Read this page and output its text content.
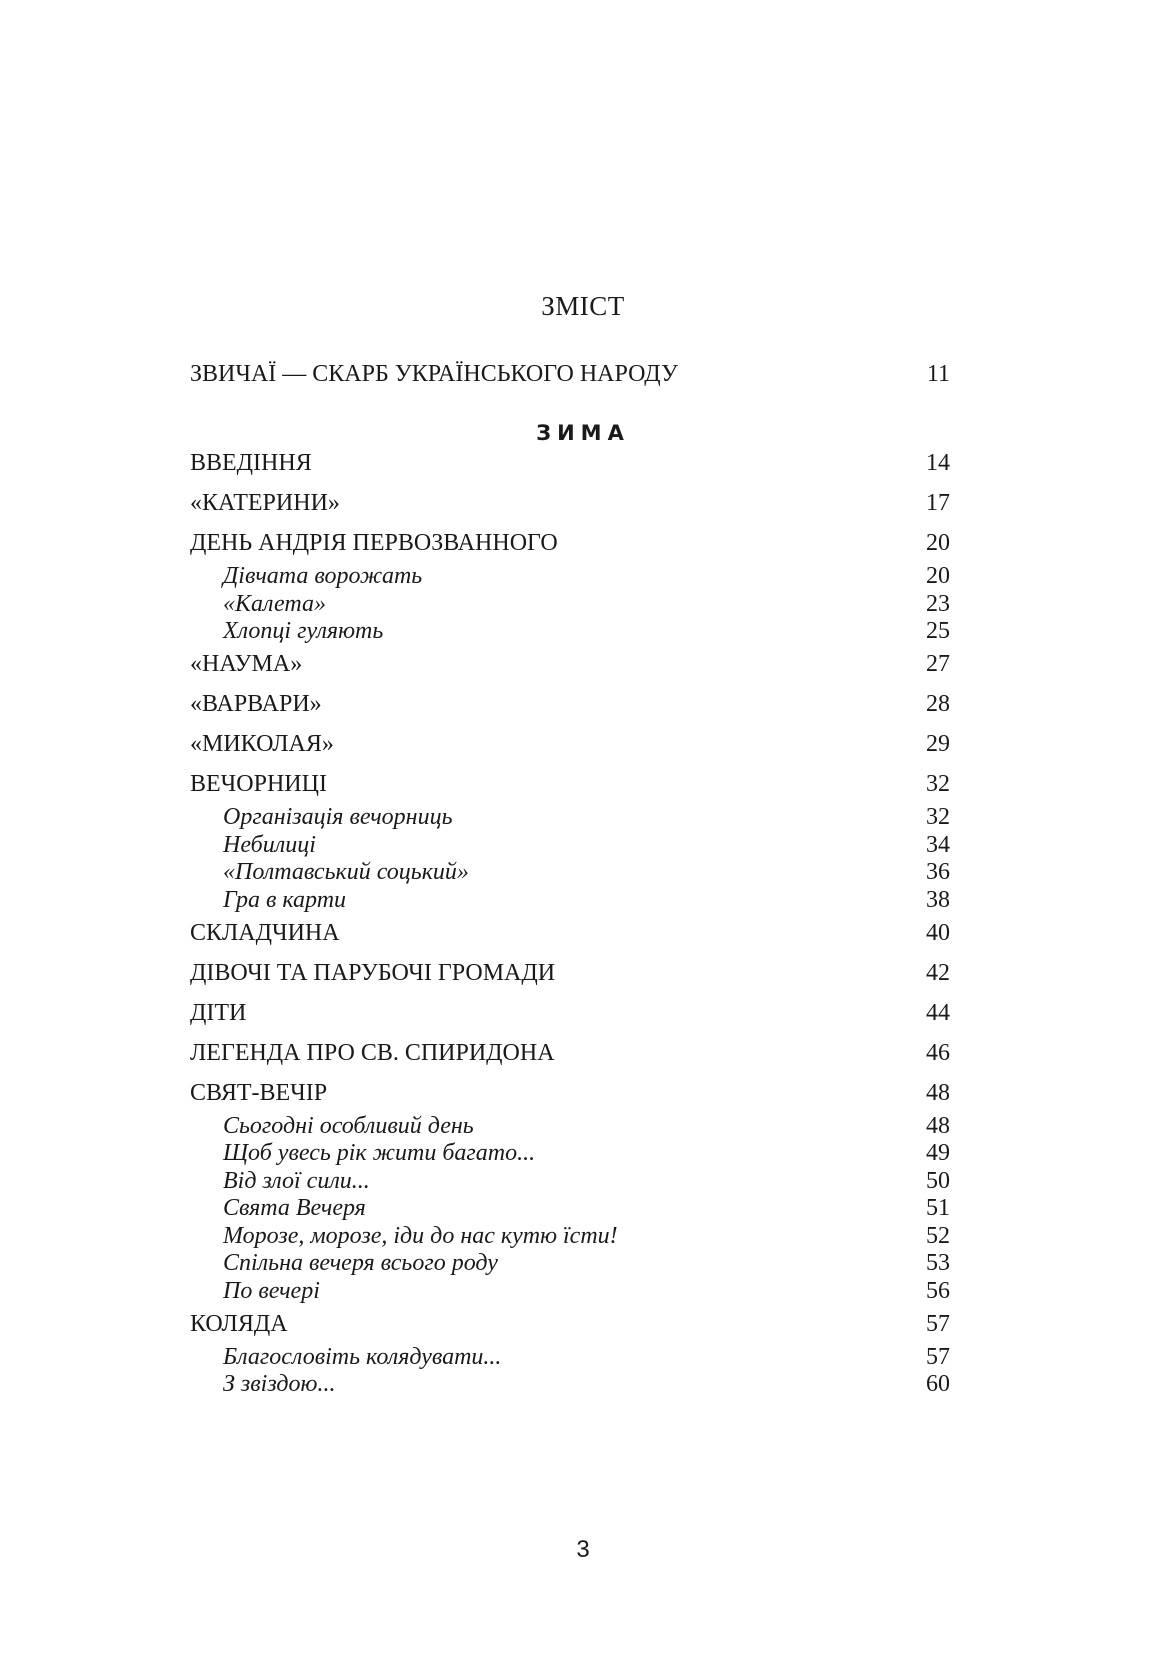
ЗМІСТ
ЗВИЧАЇ — СКАРБ УКРАЇНСЬКОГО НАРОДУ	11
ЗИМА
ВВЕДІННЯ	14
«КАТЕРИНИ»	17
ДЕНЬ АНДРІЯ ПЕРВОЗВАННОГО	20
Дівчата ворожать	20
«Калета»	23
Хлопці гуляють	25
«НАУМА»	27
«ВАРВАРИ»	28
«МИКОЛАЯ»	29
ВЕЧОРНИЦІ	32
Організація вечорниць	32
Небилиці	34
«Полтавський соцький»	36
Гра в карти	38
СКЛАДЧИНА	40
ДІВОЧІ ТА ПАРУБОЧІ ГРОМАДИ	42
ДІТИ	44
ЛЕГЕНДА ПРО СВ. СПИРИДОНА	46
СВЯТ-ВЕЧІР	48
Сьогодні особливий день	48
Щоб увесь рік жити багато...	49
Від злої сили...	50
Свята Вечеря	51
Морозе, морозе, іди до нас кутю їсти!	52
Спільна вечеря всього роду	53
По вечері	56
КОЛЯДА	57
Благословіть колядувати...	57
З звіздою...	60
3
